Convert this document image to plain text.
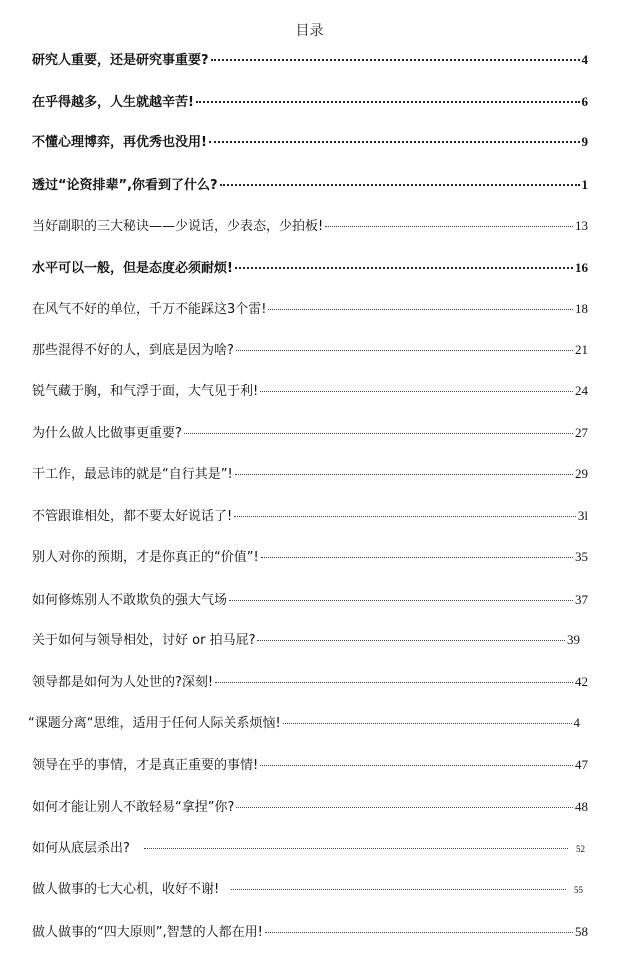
目录
研究人重要，还是研究事重要?	4
在乎得越多，人生就越辛苦!	6
不懂心理博弈，再优秀也没用!	9
透过“论资排辈”,你看到了什么?	1
当好副职的三大秘诀——少说话，少表态，少拍板!	13
水平可以一般，但是态度必须耐烦!	16
在风气不好的单位，千万不能踩这3个雷!	18
那些混得不好的人，到底是因为啥?	21
锐气藏于胸，和气浮于面，大气见于利!	24
为什么做人比做事更重要?	27
干工作，最忌讳的就是“自行其是”!	29
不管跟谁相处，都不要太好说话了!	3l
别人对你的预期，才是你真正的“价值”!	35
如何修炼别人不敢欺负的强大气场	37
关于如何与领导相处，讨好 or 拍马屁?	39
领导都是如何为人处世的?深刻!	42
“课题分离“思维，适用于任何人际关系烦恼!	4
领导在乎的事情，才是真正重要的事情!	47
如何才能让别人不敢轻易“拿捏”你?	48
如何从底层杀出?	52
做人做事的七大心机，收好不谢!	55
做人做事的“四大原则”,智慧的人都在用!	58
